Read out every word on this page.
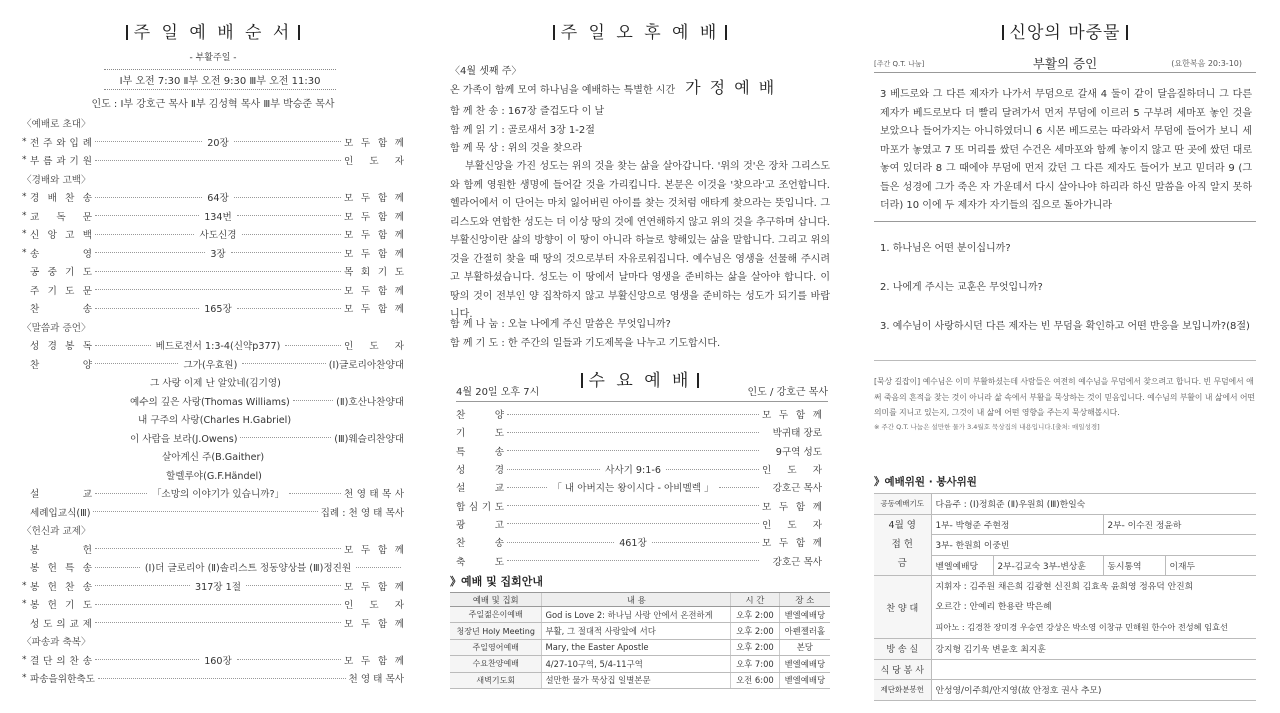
주 일 예 배 순 서
- 부활주일 -
Ⅰ부 오전 7:30 Ⅱ부 오전 9:30 Ⅲ부 오전 11:30
인도 : Ⅰ부 강호근 목사 Ⅱ부 김성혁 목사 Ⅲ부 박승준 목사
〈예배로 초대〉
* 전 주 와 입 례	20장	모 두 함 께
* 부 름 과 기 원	인 도 자
〈경배와 고백〉
* 경 배 찬 송	64장	모 두 함 께
* 교 독 문	134번	모 두 함 께
* 신 앙 고 백	사도신경	모 두 함 께
* 송	영	3장	모 두 함 께
공 중 기 도	목 회 기 도
주 기 도 문	모 두 함 께
찬	송	165장	모 두 함 께
〈말씀과 증언〉
성 경 봉 독	베드로전서 1:3-4(신약p377)	인 도 자
찬	양	그가(우효원)	(Ⅰ)글로리아찬양대
그 사랑 이제 난 알았네(김기영)
예수의 깊은 사랑(Thomas Williams)	(Ⅱ)호산나찬양대
내 구주의 사랑(Charles H.Gabriel)
이 사람을 보라(J.Owens)	(Ⅲ)웨슬리찬양대
살아계신 주(B.Gaither)
할렐루야(G.F.Händel)
설	교	「소망의 이야기가 있습니까?」	천 영 태 목 사
세례입교식(Ⅲ)	집례 : 천 영 태 목사
〈헌신과 교제〉
봉	헌	모 두 함 께
봉 헌 특 송	(Ⅰ)더 글로리아 (Ⅱ)솔리스트 정동양상블 (Ⅲ)정진원
* 봉 헌 찬 송	317장 1절	모 두 함 께
* 봉 헌 기 도	인 도 자
성 도 의 교 제	모 두 함 께
〈파송과 축복〉
* 결 단 의 찬 송	160장	모 두 함 께
* 파송을위한축도	천 영 태 목사
주 일 오 후 예 배
〈4월 셋째 주〉
온 가족이 함께 모여 하나님을 예배하는 특별한 시간 가 정 예 배
함 께 찬 송 : 167장 즐겁도다 이 날
함 께 읽 기 : 골로새서 3장 1-2절
함 께 묵 상 : 위의 것을 찾으라
부활신앙을 가진 성도는 위의 것을 찾는 삶을 살아갑니다. '위의 것'은 장차 그리스도와 함께 영원한 생명에 들어갈 것을 가리킵니다. 본문은 이것을 '찾으라'고 조언합니다. 헬라어에서 이 단어는 마치 잃어버린 아이를 찾는 것처럼 애타게 찾으라는 뜻입니다. 그리스도와 연합한 성도는 더 이상 땅의 것에 연연해하지 않고 위의 것을 추구하며 삽니다. 부활신앙이란 삶의 방향이 이 땅이 아니라 하늘로 향해있는 삶을 말합니다. 그리고 위의 것을 간절히 찾을 때 땅의 것으로부터 자유로워집니다. 예수님은 영생을 선물해 주시려고 부활하셨습니다. 성도는 이 땅에서 날마다 영생을 준비하는 삶을 살아야 합니다. 이 땅의 것이 전부인 양 집착하지 않고 부활신앙으로 영생을 준비하는 성도가 되기를 바랍니다.
함 께 나 눔 : 오늘 나에게 주신 말씀은 무엇입니까?
함 께 기 도 : 한 주간의 일들과 기도제목을 나누고 기도합시다.
수 요 예 배
4월 20일 오후 7시	인도 / 강호근 목사
찬	양	모 두 함 께
기	도	박귀태 장로
특	송	9구역 성도
성	경	사사기 9:1-6	인 도 자
설	교	「 내 아버지는 왕이시다 - 아비멜렉 」	강호근 목사
합 심 기 도	모 두 함 께
광	고	인 도 자
찬	송	461장	모 두 함 께
축	도	강호근 목사
》예배 및 집회안내
예배 및 집회	내 용	시 간	장 소
주일젊은이예배	God is Love 2: 하나님 사랑 안에서 온전하게	오후 2:00	벧엘예배당
청장년 Holy Meeting	부활, 그 절대적 사랑앞에 서다	오후 2:00	아펜젤러홀
주일영어예배	Mary, the Easter Apostle	오후 2:00	본당
수요찬양예배	4/27-10구역, 5/4-11구역	오후 7:00	벧엘예배당
새벽기도회	설만한 물가 묵상집 일별본문	오전 6:00	벧엘예배당
신앙의 마중물
[주간 Q.T. 나눔]	부활의 증인	(요한복음 20:3-10)
3 베드로와 그 다른 제자가 나가서 무덤으로 갈새 4 둘이 같이 달음질하더니 그 다른 제자가 베드로보다 더 빨리 달려가서 먼저 무덤에 이르러 5 구부려 세마포 놓인 것을 보았으나 들어가지는 아니하였더니 6 시몬 베드로는 따라와서 무덤에 들어가 보니 세마포가 놓였고 7 또 머리를 쌌던 수건은 세마포와 함께 놓이지 않고 딴 곳에 쌌던 대로 놓여 있더라 8 그 때에야 무덤에 먼저 갔던 그 다른 제자도 들어가 보고 믿더라 9 (그들은 성경에 그가 죽은 자 가운데서 다시 살아나야 하리라 하신 말씀을 아직 알지 못하더라) 10 이에 두 제자가 자기들의 집으로 돌아가니라
1. 하나님은 어떤 분이십니까?
2. 나에게 주시는 교훈은 무엇입니까?
3. 예수님이 사랑하시던 다른 제자는 빈 무덤을 확인하고 어떤 반응을 보입니까?(8절)
[묵상 길잡이] 예수님은 이미 부활하셨는데 사람들은 여전히 예수님을 무덤에서 찾으려고 합니다. 빈 무덤에서 애써 죽음의 흔적을 찾는 것이 아니라 삶 속에서 부활을 묵상하는 것이 믿음입니다. 예수님의 부활이 내 삶에서 어떤 의미를 지니고 있는지, 그것이 내 삶에 어떤 영향을 주는지 묵상해봅시다.
※ 주간 Q.T. 나눔은 설만한 물가 3.4월호 묵상집의 내용입니다.[출처: 매일성경]
》예배위원 · 봉사위원
공동예배기도	다음주 : (Ⅰ)정희준 (Ⅱ)우원희 (Ⅲ)한일숙			
4월 영접 헌금	1부- 박형준 주현정		2부- 이수진 정윤하	
	3부- 한원희 이중빈			
	벧엘예배당	2부-김교숙 3부-변상훈	동시통역	이재두
찬 양 대	지휘자 : 김주원 채은희 김광현 신진희 김효욱 윤희영 정유덕 안진희
오르간 : 안예리 한용란 박은혜
피아노 : 김경찬 장미경 우승연 강상은 박소영 이창규 민해원 한수아 전성혜 임효선			

방 송 실	강지형 김기욱 변윤호 최지훈			
식 당 봉 사				
제단화분봉헌	안성영/이주희/안지영(故 안정호 권사 추모)			
